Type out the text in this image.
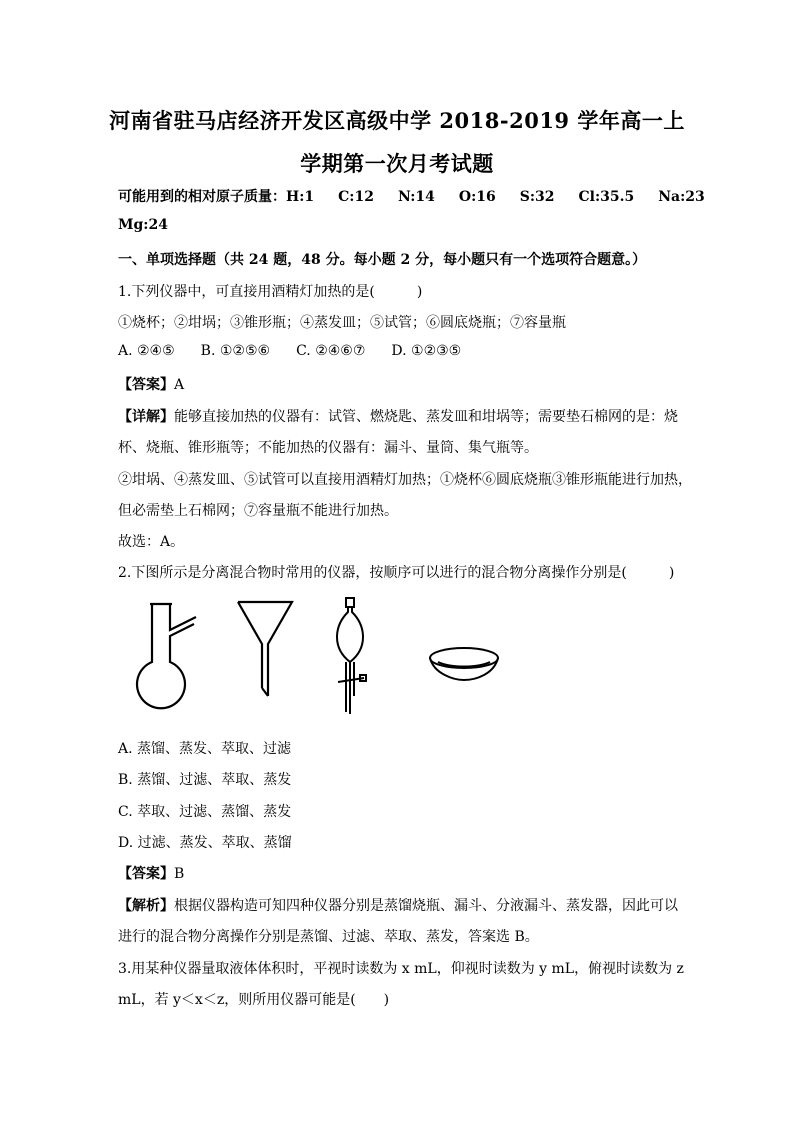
河南省驻马店经济开发区高级中学 2018-2019 学年高一上
学期第一次月考试题
可能用到的相对原子质量：H:1 C:12 N:14 O:16 S:32 Cl:35.5 Na:23
Mg:24
一、单项选择题（共 24 题，48 分。每小题 2 分，每小题只有一个选项符合题意。）
1.下列仪器中，可直接用酒精灯加热的是(　　　)
①烧杯；②坩埚；③锥形瓶；④蒸发皿；⑤试管；⑥圆底烧瓶；⑦容量瓶
A. ②④⑤ B. ①②⑤⑥ C. ②④⑥⑦ D. ①②③⑤
【答案】A
【详解】能够直接加热的仪器有：试管、燃烧匙、蒸发皿和坩埚等；需要垫石棉网的是：烧
杯、烧瓶、锥形瓶等；不能加热的仪器有：漏斗、量筒、集气瓶等。
②坩埚、④蒸发皿、⑤试管可以直接用酒精灯加热；①烧杯⑥圆底烧瓶③锥形瓶能进行加热，
但必需垫上石棉网；⑦容量瓶不能进行加热。
故选：A。
2.下图所示是分离混合物时常用的仪器，按顺序可以进行的混合物分离操作分别是(　　　)
A. 蒸馏、蒸发、萃取、过滤
B. 蒸馏、过滤、萃取、蒸发
C. 萃取、过滤、蒸馏、蒸发
D. 过滤、蒸发、萃取、蒸馏
【答案】B
【解析】根据仪器构造可知四种仪器分别是蒸馏烧瓶、漏斗、分液漏斗、蒸发器，因此可以
进行的混合物分离操作分别是蒸馏、过滤、萃取、蒸发，答案选 B。
3.用某种仪器量取液体体积时，平视时读数为 x mL，仰视时读数为 y mL，俯视时读数为 z
mL，若 y＜x＜z，则所用仪器可能是(　　)
